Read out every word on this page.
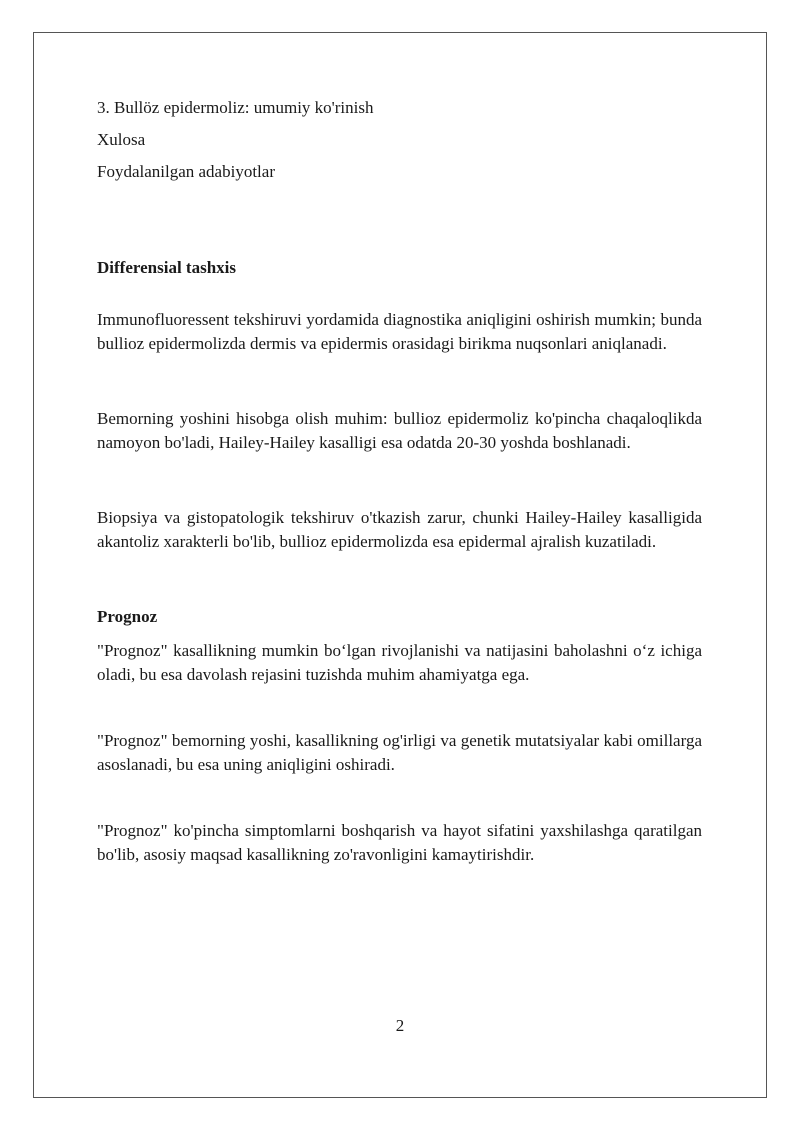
3. Bullöz epidermoliz: umumiy ko'rinish

Xulosa

Foydalanilgan adabiyotlar

Differensial tashxis

Immunofluoressent tekshiruvi yordamida diagnostika aniqligini oshirish mumkin; bunda bullioz epidermolizda dermis va epidermis orasidagi birikma nuqsonlari aniqlanadi.

Bemorning yoshini hisobga olish muhim: bullioz epidermoliz ko'pincha chaqaloqlikda namoyon bo'ladi, Hailey-Hailey kasalligi esa odatda 20-30 yoshda boshlanadi.

Biopsiya va gistopatologik tekshiruv o'tkazish zarur, chunki Hailey-Hailey kasalligida akantoliz xarakterli bo'lib, bullioz epidermolizda esa epidermal ajralish kuzatiladi.

Prognoz

"Prognoz" kasallikning mumkin bo‘lgan rivojlanishi va natijasini baholashni o‘z ichiga oladi, bu esa davolash rejasini tuzishda muhim ahamiyatga ega.

"Prognoz" bemorning yoshi, kasallikning og'irligi va genetik mutatsiyalar kabi omillarga asoslanadi, bu esa uning aniqligini oshiradi.

"Prognoz" ko'pincha simptomlarni boshqarish va hayot sifatini yaxshilashga qaratilgan bo'lib, asosiy maqsad kasallikning zo'ravonligini kamaytirishdir.

2
